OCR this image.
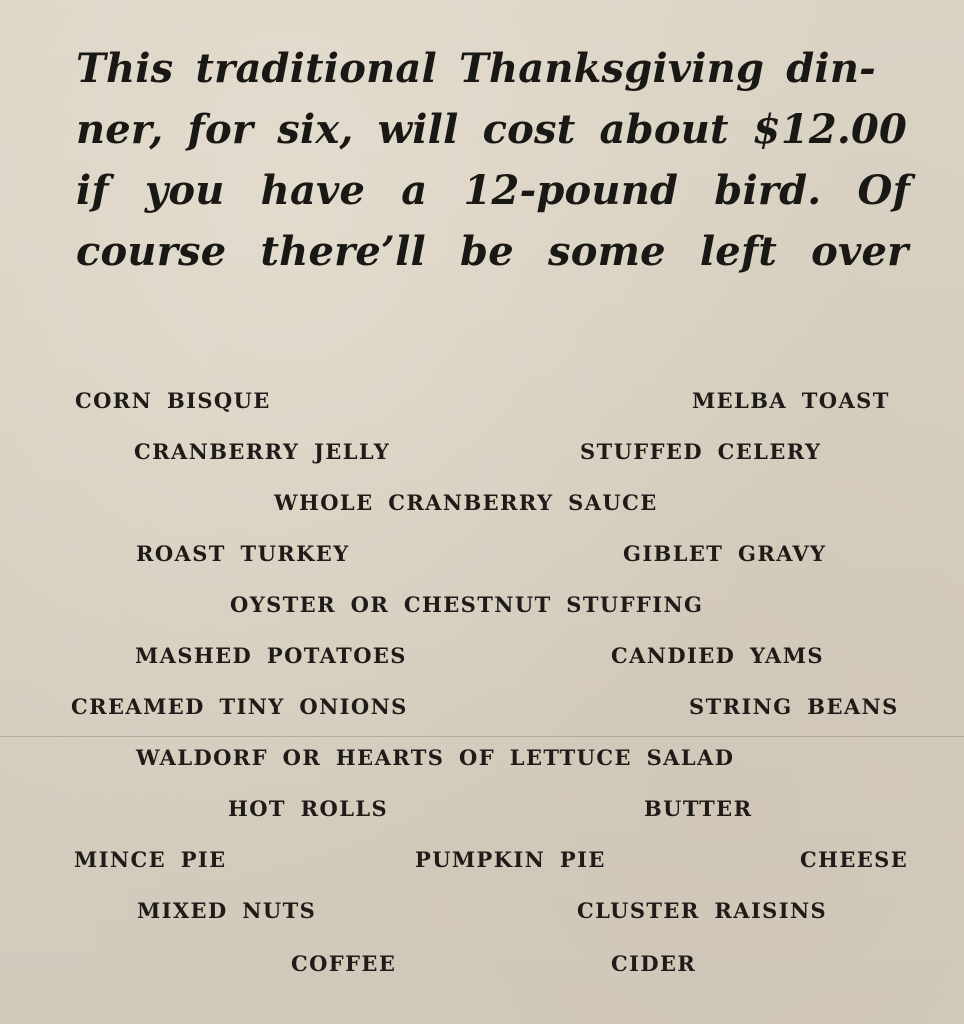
This traditional Thanksgiving din-
ner, for six, will cost about $12.00
if you have a 12-pound bird. Of
course there’ll be some left over

CORN BISQUE	MELBA TOAST
CRANBERRY JELLY	STUFFED CELERY
WHOLE CRANBERRY SAUCE
ROAST TURKEY	GIBLET GRAVY
OYSTER OR CHESTNUT STUFFING
MASHED POTATOES	CANDIED YAMS
CREAMED TINY ONIONS	STRING BEANS
WALDORF OR HEARTS OF LETTUCE SALAD
HOT ROLLS	BUTTER
MINCE PIE	PUMPKIN PIE	CHEESE
MIXED NUTS	CLUSTER RAISINS
COFFEE	CIDER
